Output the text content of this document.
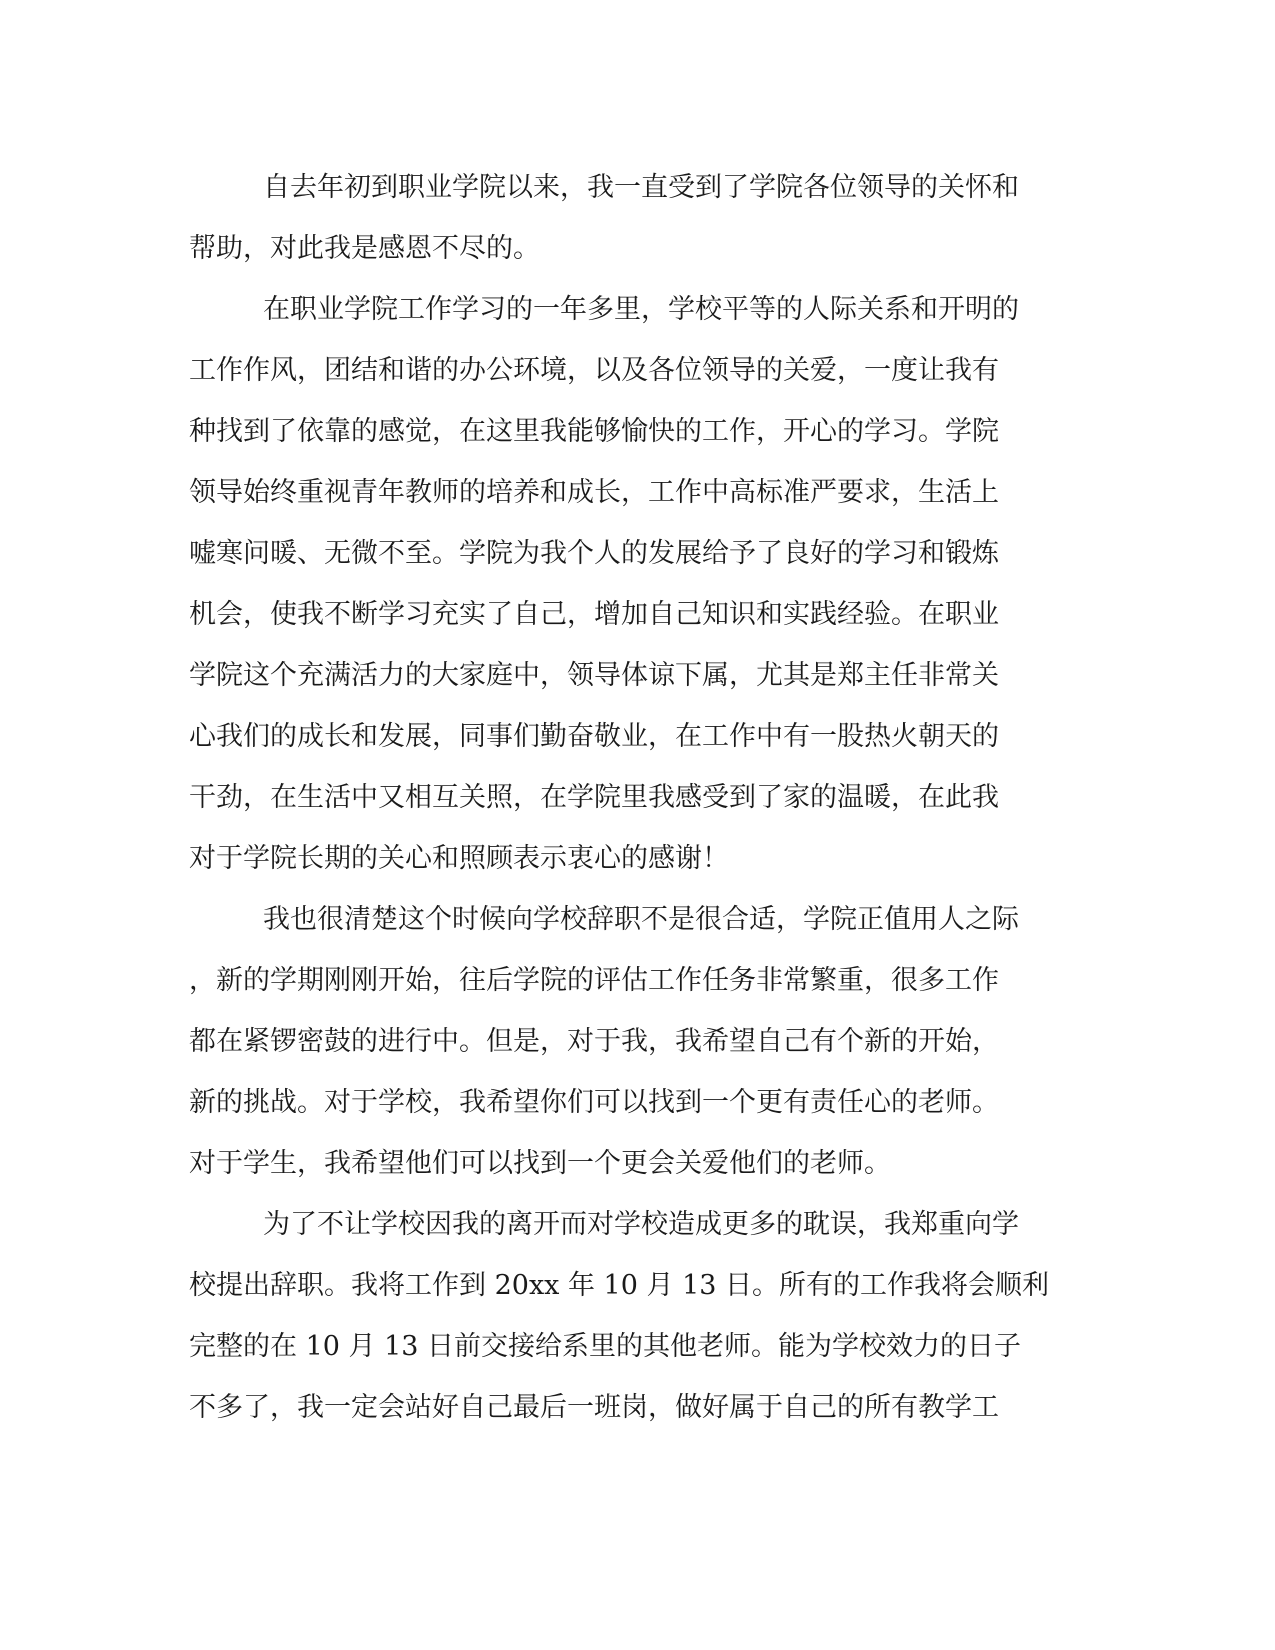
自去年初到职业学院以来，我一直受到了学院各位领导的关怀和
帮助，对此我是感恩不尽的。
在职业学院工作学习的一年多里，学校平等的人际关系和开明的
工作作风，团结和谐的办公环境，以及各位领导的关爱，一度让我有
种找到了依靠的感觉，在这里我能够愉快的工作，开心的学习。学院
领导始终重视青年教师的培养和成长，工作中高标准严要求，生活上
嘘寒问暖、无微不至。学院为我个人的发展给予了良好的学习和锻炼
机会，使我不断学习充实了自己，增加自己知识和实践经验。在职业
学院这个充满活力的大家庭中，领导体谅下属，尤其是郑主任非常关
心我们的成长和发展，同事们勤奋敬业，在工作中有一股热火朝天的
干劲，在生活中又相互关照，在学院里我感受到了家的温暖，在此我
对于学院长期的关心和照顾表示衷心的感谢！
我也很清楚这个时候向学校辞职不是很合适，学院正值用人之际
，新的学期刚刚开始，往后学院的评估工作任务非常繁重，很多工作
都在紧锣密鼓的进行中。但是，对于我，我希望自己有个新的开始，
新的挑战。对于学校，我希望你们可以找到一个更有责任心的老师。
对于学生，我希望他们可以找到一个更会关爱他们的老师。
为了不让学校因我的离开而对学校造成更多的耽误，我郑重向学
校提出辞职。我将工作到 20xx 年 10 月 13 日。所有的工作我将会顺利
完整的在 10 月 13 日前交接给系里的其他老师。能为学校效力的日子
不多了，我一定会站好自己最后一班岗，做好属于自己的所有教学工
